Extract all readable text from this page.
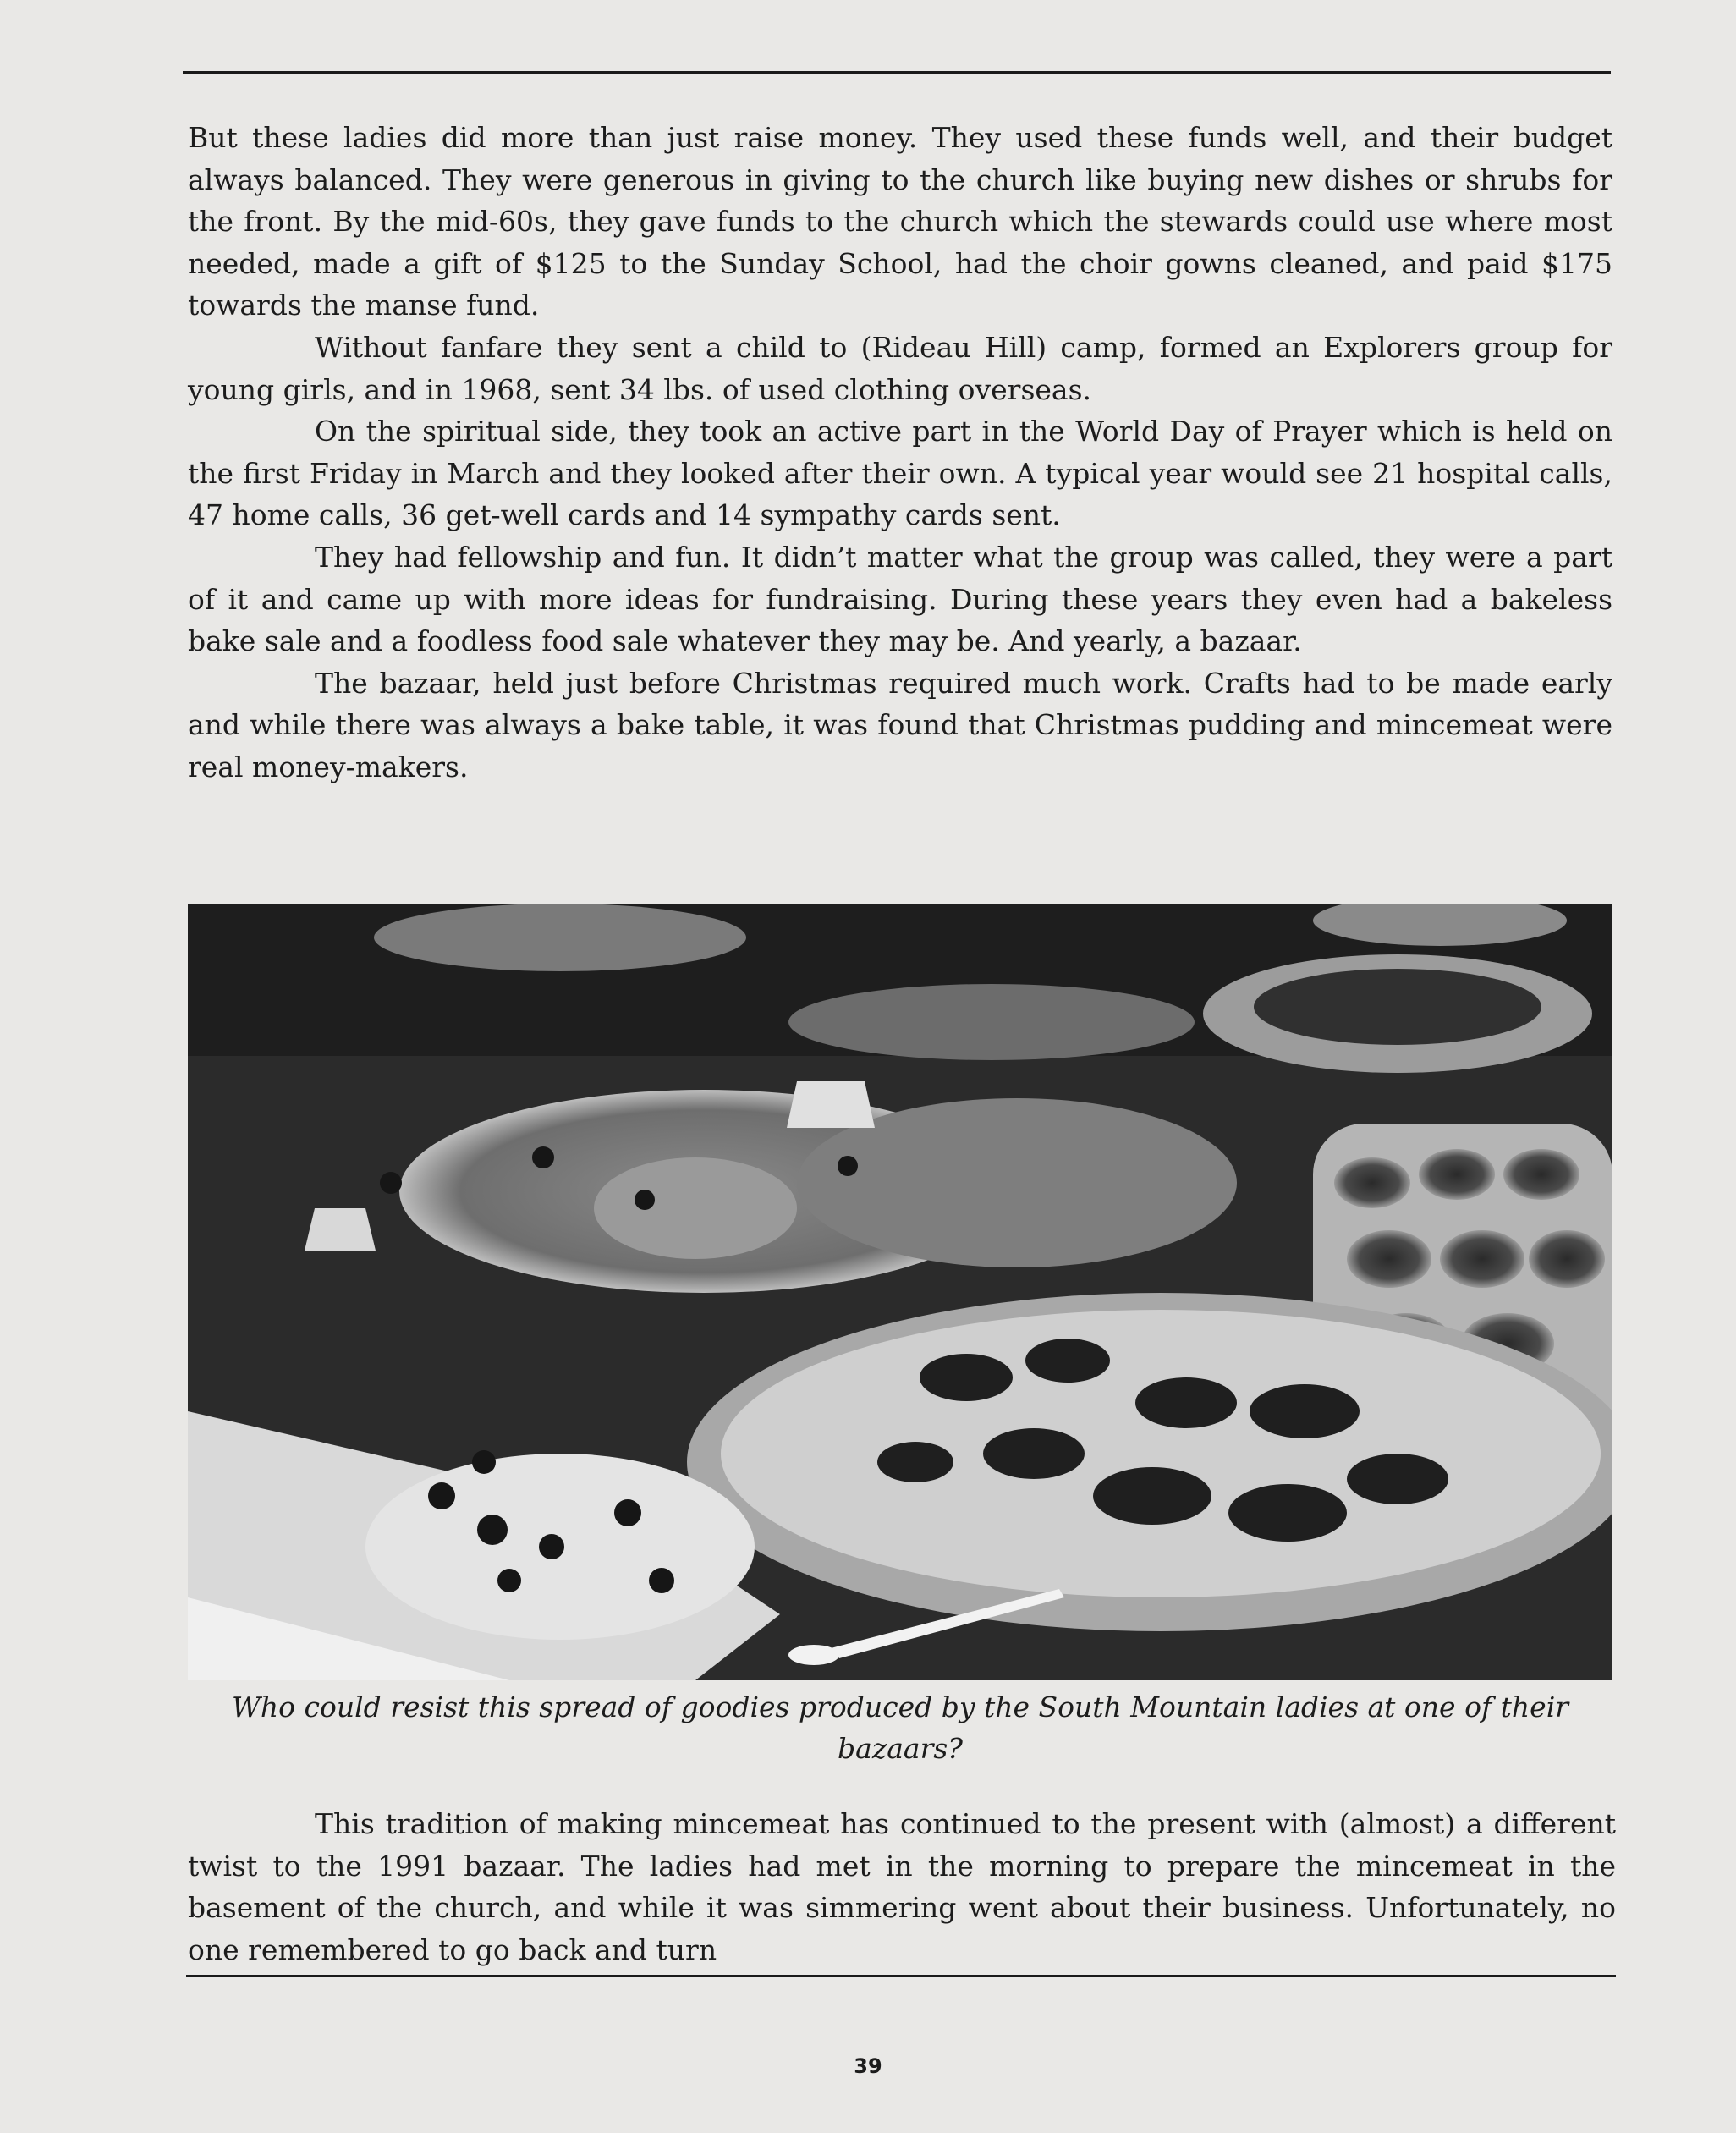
But these ladies did more than just raise money. They used these funds well, and their budget always balanced. They were generous in giving to the church like buying new dishes or shrubs for the front. By the mid-60s, they gave funds to the church which the stewards could use where most needed, made a gift of $125 to the Sunday School, had the choir gowns cleaned, and paid $175 towards the manse fund.

Without fanfare they sent a child to (Rideau Hill) camp, formed an Explorers group for young girls, and in 1968, sent 34 lbs. of used clothing overseas.

On the spiritual side, they took an active part in the World Day of Prayer which is held on the first Friday in March and they looked after their own. A typical year would see 21 hospital calls, 47 home calls, 36 get-well cards and 14 sympathy cards sent.

They had fellowship and fun. It didn’t matter what the group was called, they were a part of it and came up with more ideas for fundraising. During these years they even had a bakeless bake sale and a foodless food sale whatever they may be. And yearly, a bazaar.

The bazaar, held just before Christmas required much work. Crafts had to be made early and while there was always a bake table, it was found that Christmas pudding and mincemeat were real money-makers.

Who could resist this spread of goodies produced by the South Mountain ladies at one of their bazaars?

This tradition of making mincemeat has continued to the present with (almost) a different twist to the 1991 bazaar. The ladies had met in the morning to prepare the mincemeat in the basement of the church, and while it was simmering went about their business. Unfortunately, no one remembered to go back and turn

39
